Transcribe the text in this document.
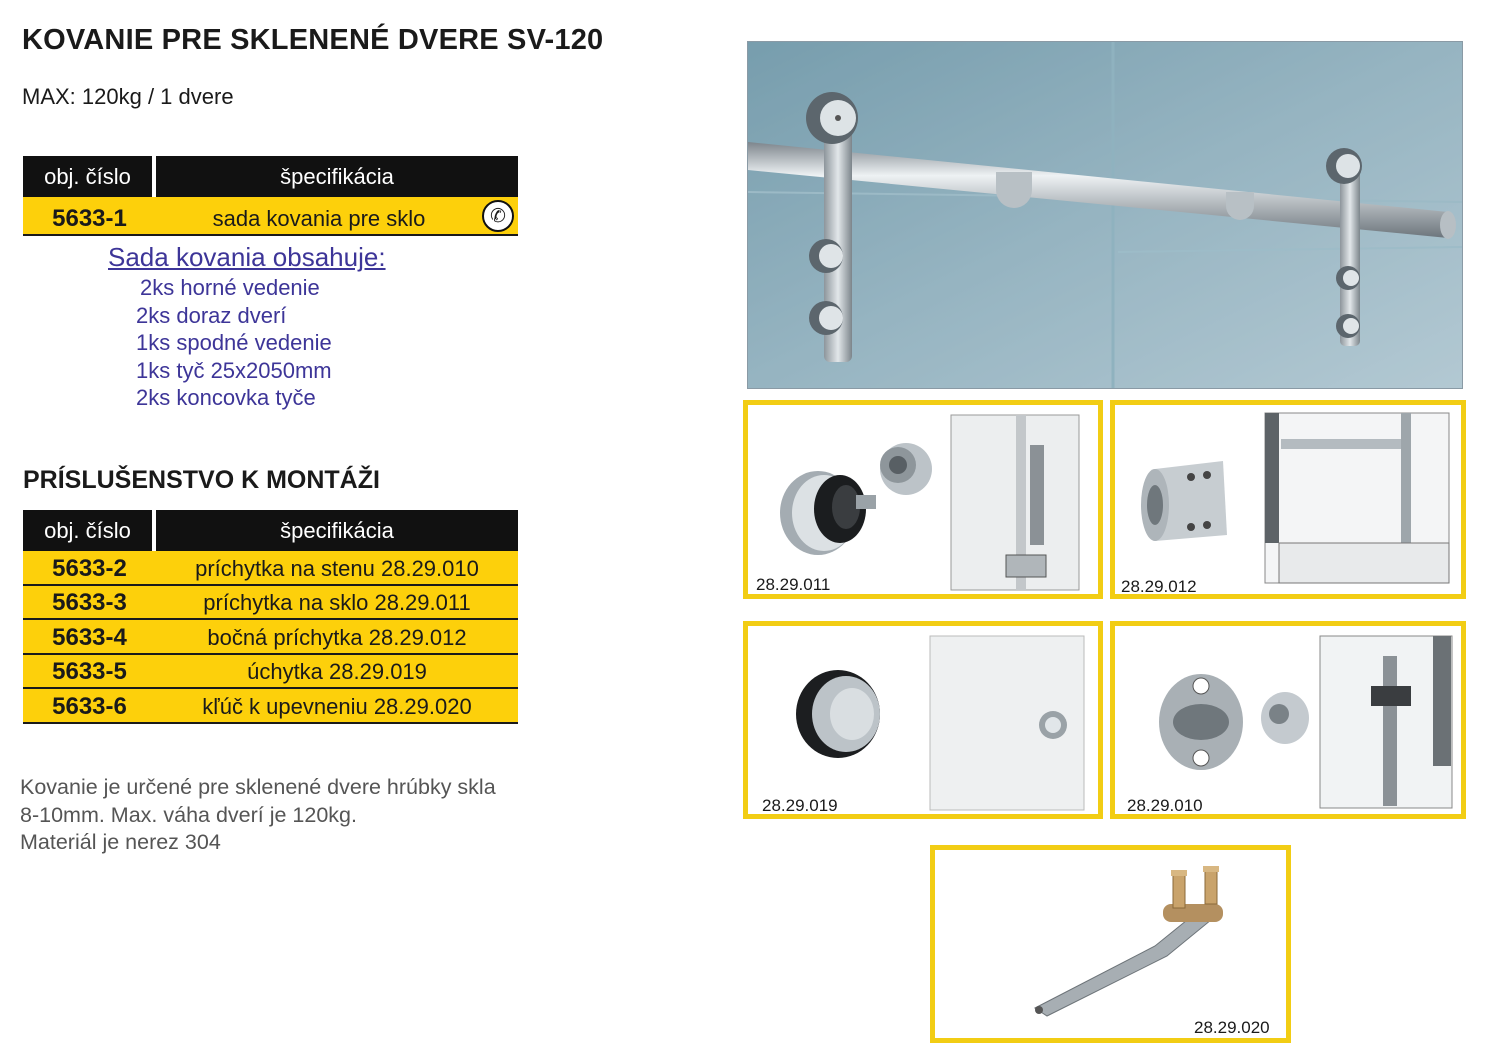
KOVANIE PRE SKLENENÉ DVERE SV-120
MAX: 120kg / 1 dvere
obj. číslo	špecifikácia
5633-1	sada kovania pre sklo	✆
Sada kovania obsahuje:
2ks horné vedenie
2ks doraz dverí
1ks spodné vedenie
1ks tyč 25x2050mm
2ks koncovka tyče
PRÍSLUŠENSTVO K MONTÁŽI
obj. číslo	špecifikácia
5633-2	príchytka na stenu 28.29.010
5633-3	príchytka na sklo 28.29.011
5633-4	bočná príchytka 28.29.012
5633-5	úchytka 28.29.019
5633-6	kľúč k upevneniu 28.29.020
Kovanie je určené pre sklenené dvere hrúbky skla
8-10mm. Max. váha dverí je 120kg.
Materiál je nerez 304
28.29.011	28.29.012
28.29.019	28.29.010
28.29.020
